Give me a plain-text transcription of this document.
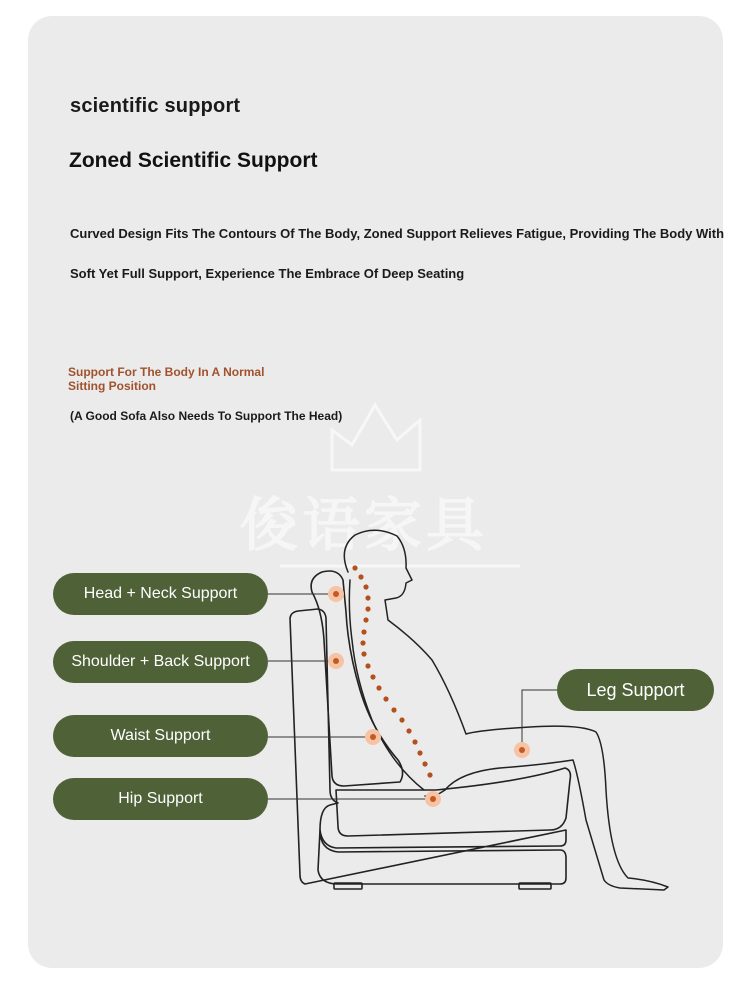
scientific support
Zoned Scientific Support
Curved Design Fits The Contours Of The Body, Zoned Support Relieves Fatigue, Providing The Body With
Soft Yet Full Support, Experience The Embrace Of Deep Seating
Support For The Body In A Normal Sitting Position
(A Good Sofa Also Needs To Support The Head)
俊语家具
Head + Neck Support
Shoulder + Back Support
Waist Support
Hip Support
Leg Support
